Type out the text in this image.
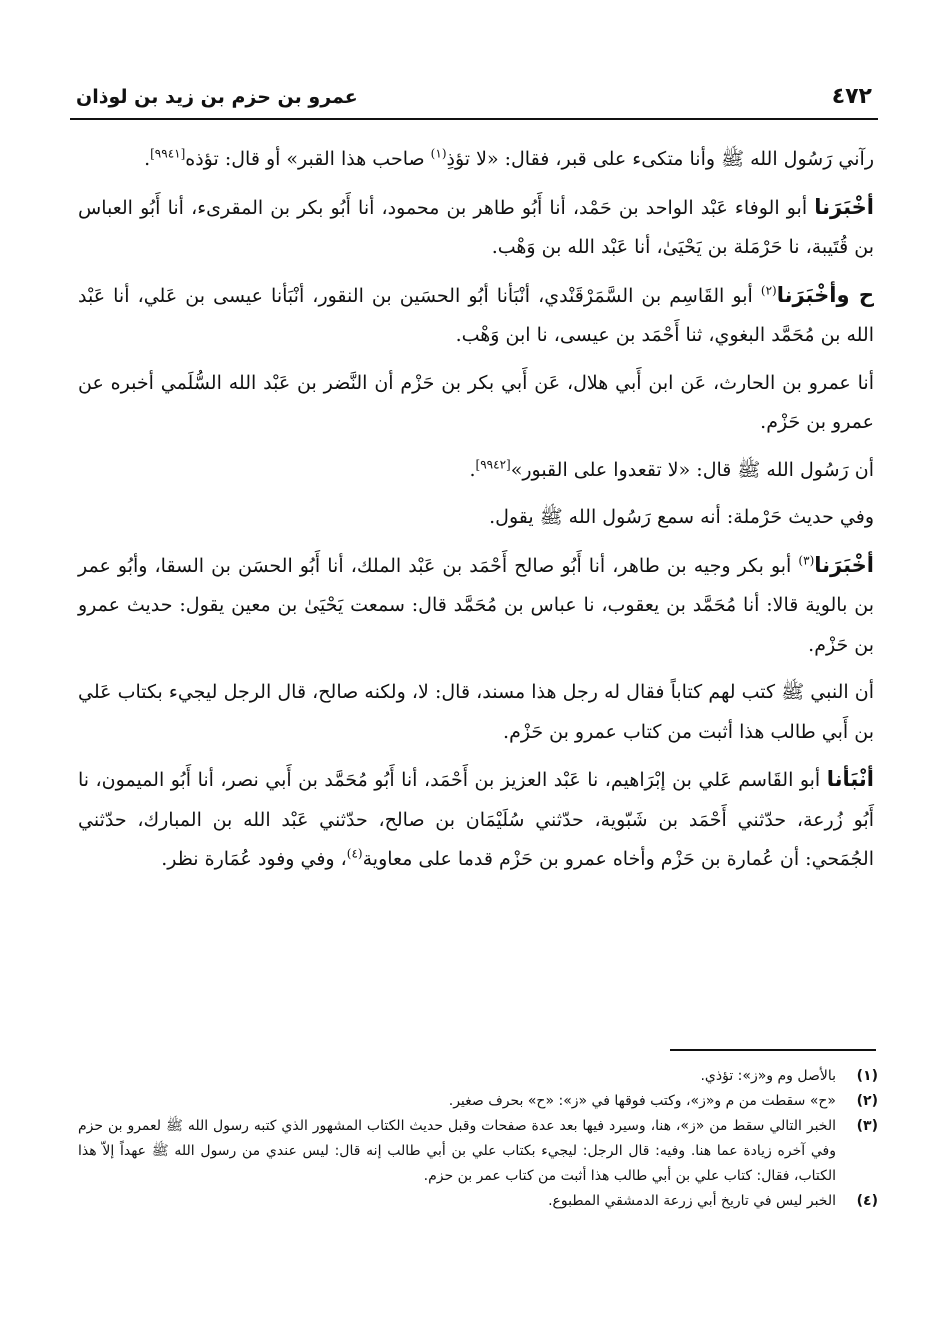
٤٧٢
عمرو بن حزم بن زيد بن لوذان

رآني رَسُول الله ﷺ وأنا متكىء على قبر، فقال: «لا تؤذِ$^{(١)}$ صاحب هذا القبر» أو قال: تؤذه[٩٩٤١].

أخْبَرَنا أبو الوفاء عَبْد الواحد بن حَمْد، أنا أَبُو طاهر بن محمود، أنا أَبُو بكر بن المقرىء، أنا أَبُو العباس بن قُتَيبة، نا حَرْمَلة بن يَحْيَىٰ، أنا عَبْد الله بن وَهْب.

ح وأخْبَرَنا$^{(٢)}$ أبو القَاسِم بن السَّمَرْقَنْدي، أنْبَأنا أبُو الحسَين بن النقور، أنْبَأنا عيسى بن عَلي، أنا عَبْد الله بن مُحَمَّد البغوي، ثنا أَحْمَد بن عيسى، نا ابن وَهْب.

أنا عمرو بن الحارث، عَن ابن أَبي هلال، عَن أَبي بكر بن حَزْم أن النَّضر بن عَبْد الله السُّلَمي أخبره عن عمرو بن حَزْم.

أن رَسُول الله ﷺ قال: «لا تقعدوا على القبور»[٩٩٤٢].

وفي حديث حَرْملة: أنه سمع رَسُول الله ﷺ يقول.

أخْبَرَنا$^{(٣)}$ أبو بكر وجيه بن طاهر، أنا أَبُو صالح أَحْمَد بن عَبْد الملك، أنا أَبُو الحسَن بن السقا، وأبُو عمر بن بالوية قالا: أنا مُحَمَّد بن يعقوب، نا عباس بن مُحَمَّد قال: سمعت يَحْيَىٰ بن معين يقول: حديث عمرو بن حَزْم.

أن النبي ﷺ كتب لهم كتاباً فقال له رجل هذا مسند، قال: لا، ولكنه صالح، قال الرجل ليجيء بكتاب عَلي بن أَبي طالب هذا أثبت من كتاب عمرو بن حَزْم.

أنْبَأنا أبو القَاسم عَلي بن إبْرَاهيم، نا عَبْد العزيز بن أَحْمَد، أنا أَبُو مُحَمَّد بن أَبي نصر، أنا أَبُو الميمون، نا أَبُو زُرعة، حدّثني أَحْمَد بن شَبّوية، حدّثني سُلَيْمَان بن صالح، حدّثني عَبْد الله بن المبارك، حدّثني الجُمَحي: أن عُمارة بن حَزْم وأخاه عمرو بن حَزْم قدما على معاوية$^{(٤)}$، وفي وفود عُمَارة نظر.

(١)
بالأصل وم و«ز»: تؤذي.
(٢)
«ح» سقطت من م و«ز»، وكتب فوقها في «ز»: «ح» بحرف صغير.
(٣)
الخبر التالي سقط من «ز»، هنا، وسيرد فيها بعد عدة صفحات وقبل حديث الكتاب المشهور الذي كتبه رسول الله ﷺ لعمرو بن حزم وفي آخره زيادة عما هنا. وفيه: قال الرجل: ليجيء بكتاب علي بن أبي طالب إنه قال: ليس عندي من رسول الله ﷺ عهداً إلاّ هذا الكتاب، فقال: كتاب علي بن أبي طالب هذا أثبت من كتاب عمر بن حزم.
(٤)
الخبر ليس في تاريخ أبي زرعة الدمشقي المطبوع.
